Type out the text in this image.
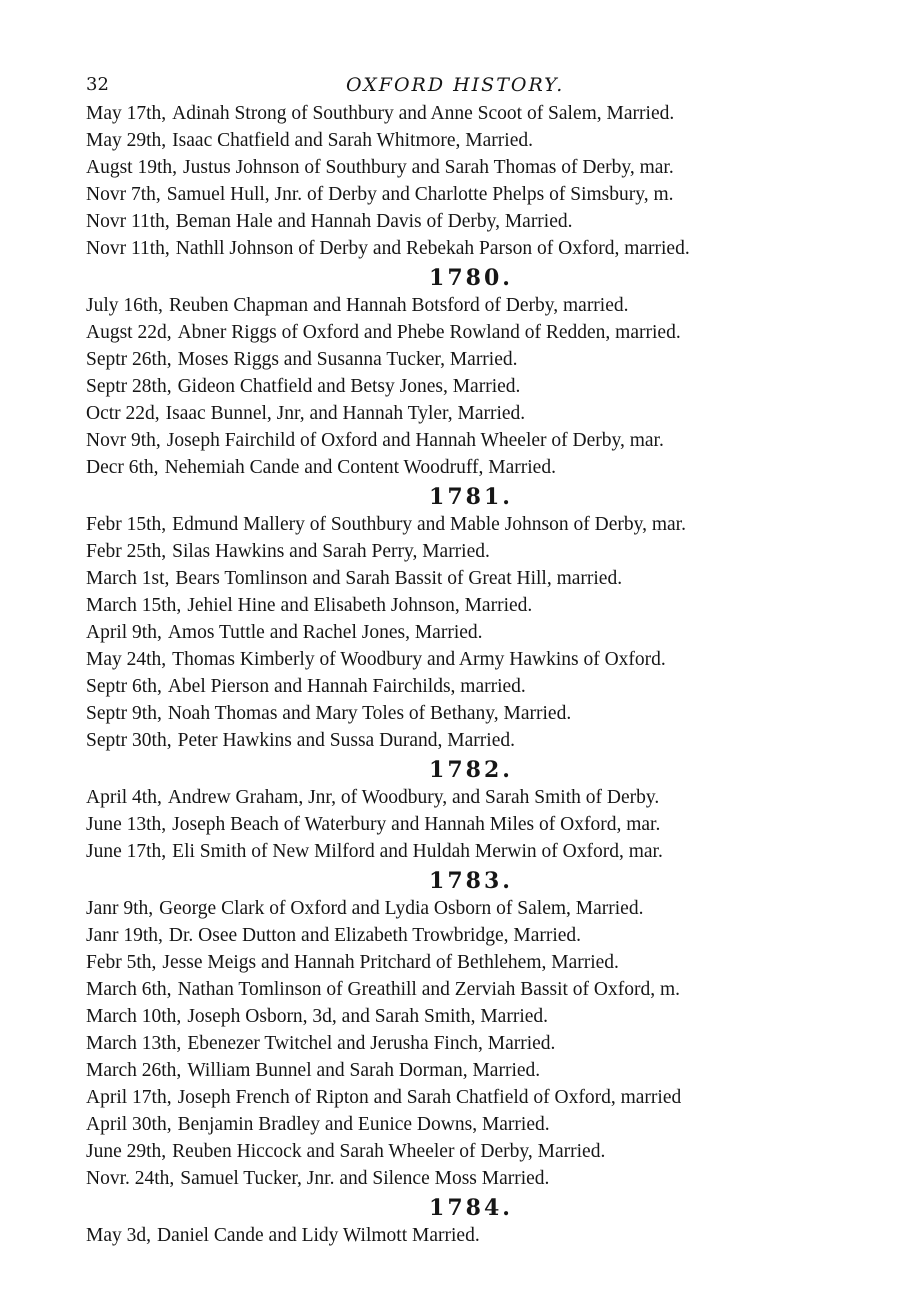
32	OXFORD HISTORY.
May 17th, Adinah Strong of Southbury and Anne Scoot of Salem, Married.
May 29th, Isaac Chatfield and Sarah Whitmore, Married.
Augst 19th, Justus Johnson of Southbury and Sarah Thomas of Derby, mar.
Novr 7th, Samuel Hull, Jnr. of Derby and Charlotte Phelps of Simsbury, m.
Novr 11th, Beman Hale and Hannah Davis of Derby, Married.
Novr 11th, Nathll Johnson of Derby and Rebekah Parson of Oxford, married.
1780.
July 16th, Reuben Chapman and Hannah Botsford of Derby, married.
Augst 22d, Abner Riggs of Oxford and Phebe Rowland of Redden, married.
Septr 26th, Moses Riggs and Susanna Tucker, Married.
Septr 28th, Gideon Chatfield and Betsy Jones, Married.
Octr 22d, Isaac Bunnel, Jnr, and Hannah Tyler, Married.
Novr 9th, Joseph Fairchild of Oxford and Hannah Wheeler of Derby, mar.
Decr 6th, Nehemiah Cande and Content Woodruff, Married.
1781.
Febr 15th, Edmund Mallery of Southbury and Mable Johnson of Derby, mar.
Febr 25th, Silas Hawkins and Sarah Perry, Married.
March 1st, Bears Tomlinson and Sarah Bassit of Great Hill, married.
March 15th, Jehiel Hine and Elisabeth Johnson, Married.
April 9th, Amos Tuttle and Rachel Jones, Married.
May 24th, Thomas Kimberly of Woodbury and Army Hawkins of Oxford.
Septr 6th, Abel Pierson and Hannah Fairchilds, married.
Septr 9th, Noah Thomas and Mary Toles of Bethany, Married.
Septr 30th, Peter Hawkins and Sussa Durand, Married.
1782.
April 4th, Andrew Graham, Jnr, of Woodbury, and Sarah Smith of Derby.
June 13th, Joseph Beach of Waterbury and Hannah Miles of Oxford, mar.
June 17th, Eli Smith of New Milford and Huldah Merwin of Oxford, mar.
1783.
Janr 9th, George Clark of Oxford and Lydia Osborn of Salem, Married.
Janr 19th, Dr. Osee Dutton and Elizabeth Trowbridge, Married.
Febr 5th, Jesse Meigs and Hannah Pritchard of Bethlehem, Married.
March 6th, Nathan Tomlinson of Greathill and Zerviah Bassit of Oxford, m.
March 10th, Joseph Osborn, 3d, and Sarah Smith, Married.
March 13th, Ebenezer Twitchel and Jerusha Finch, Married.
March 26th, William Bunnel and Sarah Dorman, Married.
April 17th, Joseph French of Ripton and Sarah Chatfield of Oxford, married
April 30th, Benjamin Bradley and Eunice Downs, Married.
June 29th, Reuben Hiccock and Sarah Wheeler of Derby, Married.
Novr. 24th, Samuel Tucker, Jnr. and Silence Moss Married.
1784.
May 3d, Daniel Cande and Lidy Wilmott Married.
